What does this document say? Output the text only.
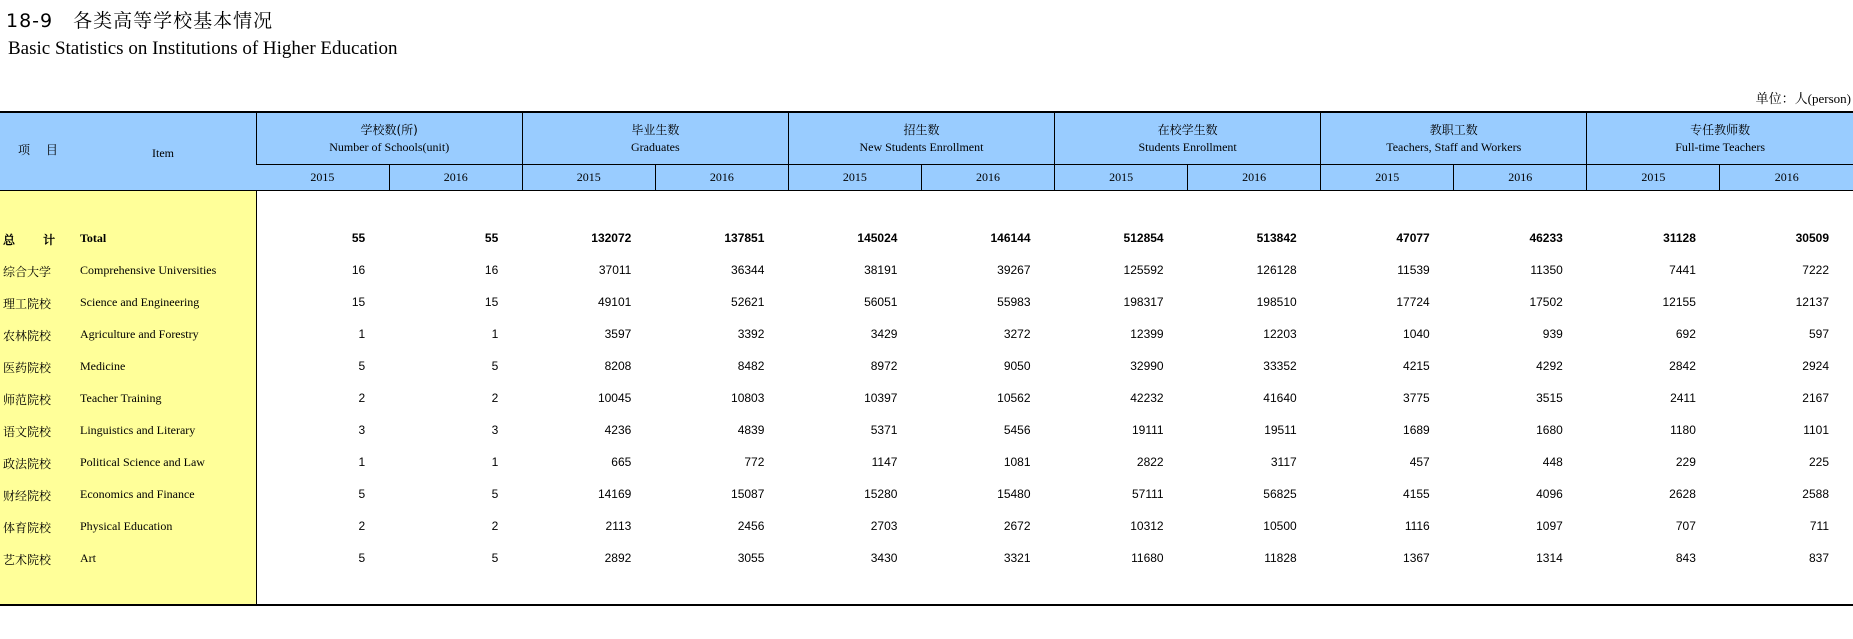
18-9　各类高等学校基本情况
Basic Statistics on Institutions of Higher Education
单位：人(person)
项 目 Item	学校数(所)
Number of Schools(unit)		毕业生数
Graduates		招生数
New Students Enrollment		在校学生数
Students Enrollment		教职工数
Teachers, Staff and Workers		专任教师数
Full-time Teachers	

	2015	2016	2015	2016	2015	2016	2015	2016	2015	2016	2015	2016

总 计 Total	55	55	132072	137851	145024	146144	512854	513842	47077	46233	31128	30509

综合大学 Comprehensive Universities	16	16	37011	36344	38191	39267	125592	126128	11539	11350	7441	7222

理工院校 Science and Engineering	15	15	49101	52621	56051	55983	198317	198510	17724	17502	12155	12137

农林院校 Agriculture and Forestry	1	1	3597	3392	3429	3272	12399	12203	1040	939	692	597

医药院校 Medicine	5	5	8208	8482	8972	9050	32990	33352	4215	4292	2842	2924

师范院校 Teacher Training	2	2	10045	10803	10397	10562	42232	41640	3775	3515	2411	2167

语文院校 Linguistics and Literary	3	3	4236	4839	5371	5456	19111	19511	1689	1680	1180	1101

政法院校 Political Science and Law	1	1	665	772	1147	1081	2822	3117	457	448	229	225

财经院校 Economics and Finance	5	5	14169	15087	15280	15480	57111	56825	4155	4096	2628	2588

体育院校 Physical Education	2	2	2113	2456	2703	2672	10312	10500	1116	1097	707	711

艺术院校 Art	5	5	2892	3055	3430	3321	11680	11828	1367	1314	843	837
